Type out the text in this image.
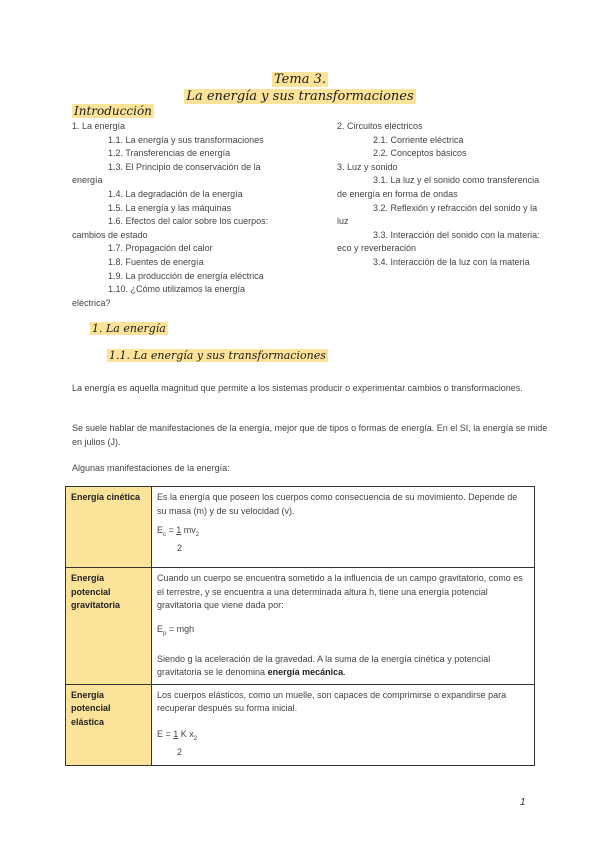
Tema 3.
La energía y sus transformaciones
Introducción
1. La energía
1.1. La energía y sus transformaciones
1.2. Transferencias de energía
1.3. El Principio de conservación de la
energía
1.4. La degradación de la energía
1.5. La energía y las máquinas
1.6. Efectos del calor sobre los cuerpos:
cambios de estado
1.7. Propagación del calor
1.8. Fuentes de energía
1.9. La producción de energía eléctrica
1.10. ¿Cómo utilizamos la energía
eléctrica?
2. Circuitos eléctricos
2.1. Corriente eléctrica
2.2. Conceptos básicos
3. Luz y sonido
3.1. La luz y el sonido como transferencia
de energía en forma de ondas
3.2. Reflexión y refracción del sonido y la
luz
3.3. Interacción del sonido con la materia:
eco y reverberación
3.4. Interacción de la luz con la materia
1. La energía
1.1. La energía y sus transformaciones
La energía es aquella magnitud que permite a los sistemas producir o experimentar cambios o transformaciones.
Se suele hablar de manifestaciones de la energía, mejor que de tipos o formas de energía. En el SI, la energía se mide en julios (J).
Algunas manifestaciones de la energía:
Energía cinética	Es la energía que poseen los cuerpos como consecuencia de su movimiento. Depende de su masa (m) y de su velocidad (v).
$E_c = 1$ $mv_2$
2

Energía potencial gravitatoria	Cuando un cuerpo se encuentra sometido a la influencia de un campo gravitatorio, como es el terrestre, y se encuentra a una determinada altura h, tiene una energía potencial gravitatoria que viene dada por:
$E_p$ = mgh
Siendo g la aceleración de la gravedad. A la suma de la energía cinética y potencial gravitatoria se le denomina energía mecánica.

Energía potencial elástica	Los cuerpos elásticos, como un muelle, son capaces de comprimirse o expandirse para recuperar después su forma inicial.
E = 1 K $x_2$
2
1
